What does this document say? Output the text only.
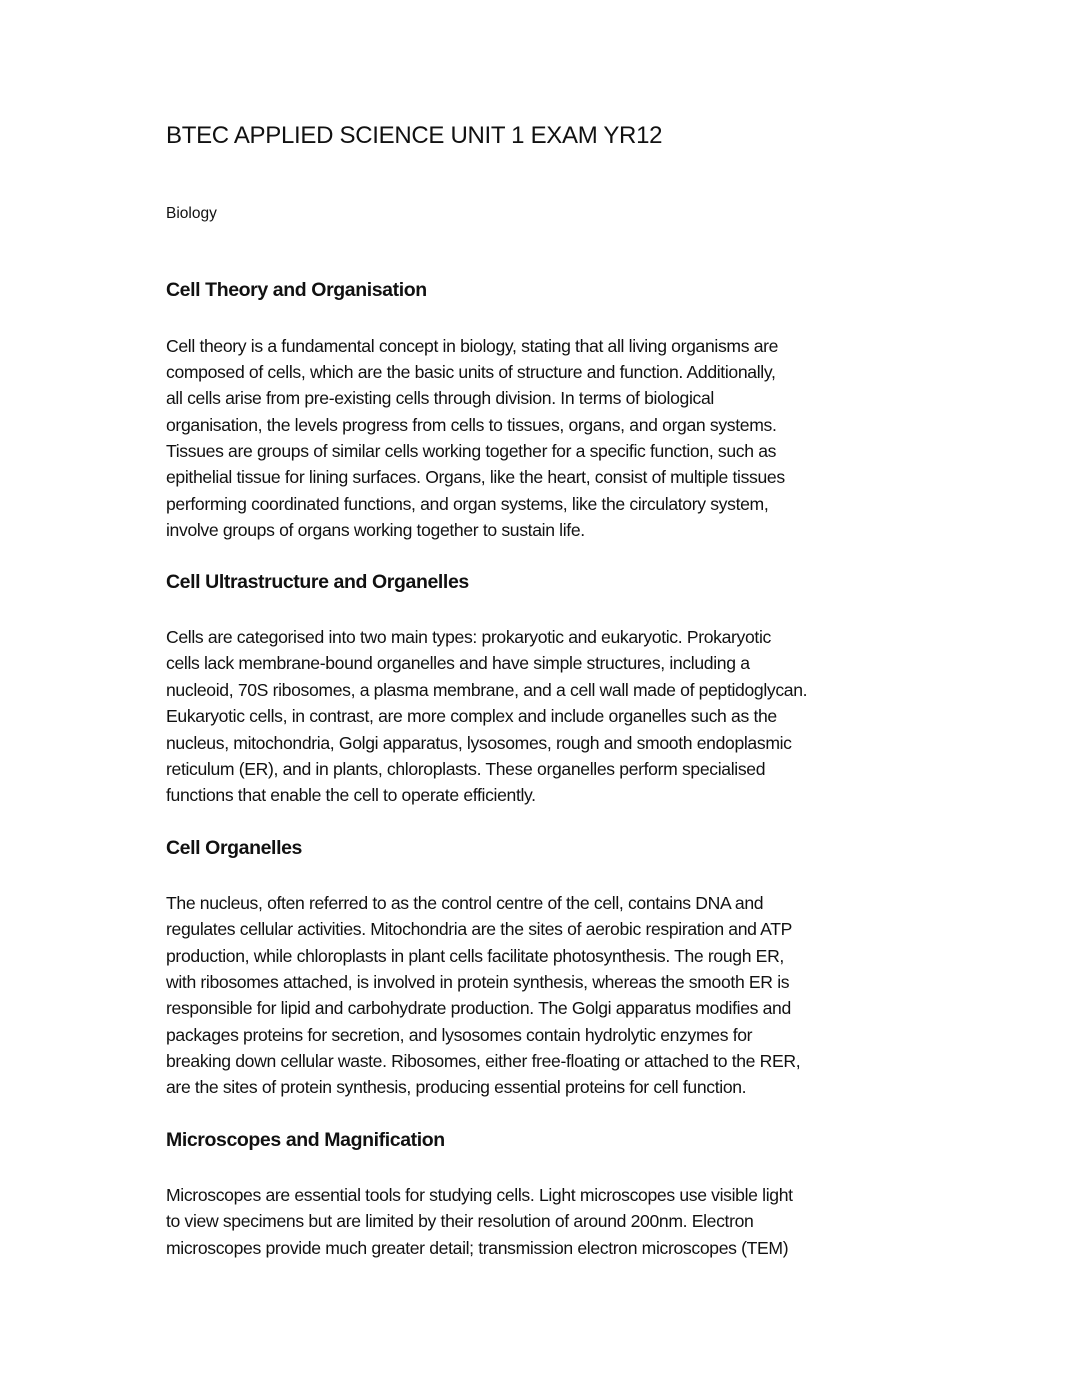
BTEC APPLIED SCIENCE UNIT 1 EXAM YR12
Biology
Cell Theory and Organisation
Cell theory is a fundamental concept in biology, stating that all living organisms are
composed of cells, which are the basic units of structure and function. Additionally,
all cells arise from pre-existing cells through division. In terms of biological
organisation, the levels progress from cells to tissues, organs, and organ systems.
Tissues are groups of similar cells working together for a specific function, such as
epithelial tissue for lining surfaces. Organs, like the heart, consist of multiple tissues
performing coordinated functions, and organ systems, like the circulatory system,
involve groups of organs working together to sustain life.
Cell Ultrastructure and Organelles
Cells are categorised into two main types: prokaryotic and eukaryotic. Prokaryotic
cells lack membrane-bound organelles and have simple structures, including a
nucleoid, 70S ribosomes, a plasma membrane, and a cell wall made of peptidoglycan.
Eukaryotic cells, in contrast, are more complex and include organelles such as the
nucleus, mitochondria, Golgi apparatus, lysosomes, rough and smooth endoplasmic
reticulum (ER), and in plants, chloroplasts. These organelles perform specialised
functions that enable the cell to operate efficiently.
Cell Organelles
The nucleus, often referred to as the control centre of the cell, contains DNA and
regulates cellular activities. Mitochondria are the sites of aerobic respiration and ATP
production, while chloroplasts in plant cells facilitate photosynthesis. The rough ER,
with ribosomes attached, is involved in protein synthesis, whereas the smooth ER is
responsible for lipid and carbohydrate production. The Golgi apparatus modifies and
packages proteins for secretion, and lysosomes contain hydrolytic enzymes for
breaking down cellular waste. Ribosomes, either free-floating or attached to the RER,
are the sites of protein synthesis, producing essential proteins for cell function.
Microscopes and Magnification
Microscopes are essential tools for studying cells. Light microscopes use visible light
to view specimens but are limited by their resolution of around 200nm. Electron
microscopes provide much greater detail; transmission electron microscopes (TEM)
